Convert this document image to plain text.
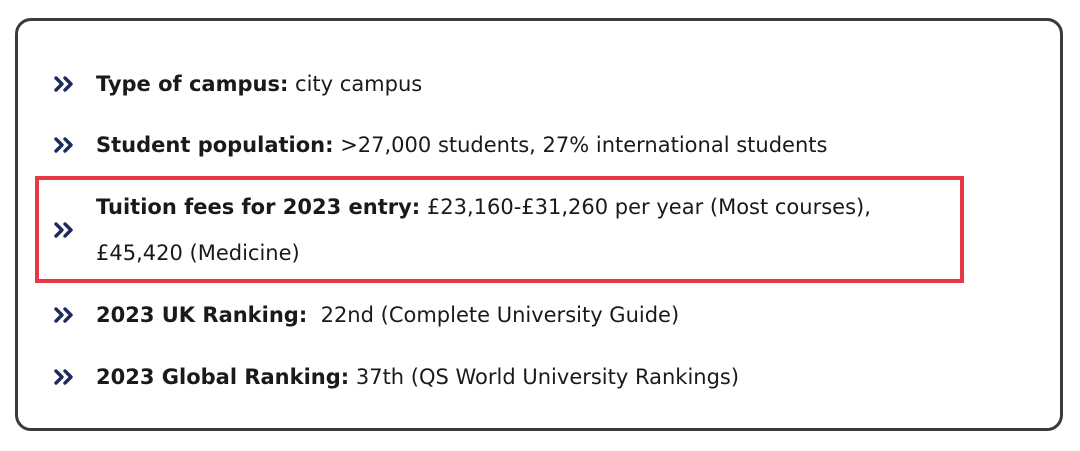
Type of campus: city campus
Student population: >27,000 students, 27% international students
Tuition fees for 2023 entry: £23,160-£31,260 per year (Most courses), £45,420 (Medicine)
2023 UK Ranking:  22nd (Complete University Guide)
2023 Global Ranking: 37th (QS World University Rankings)
